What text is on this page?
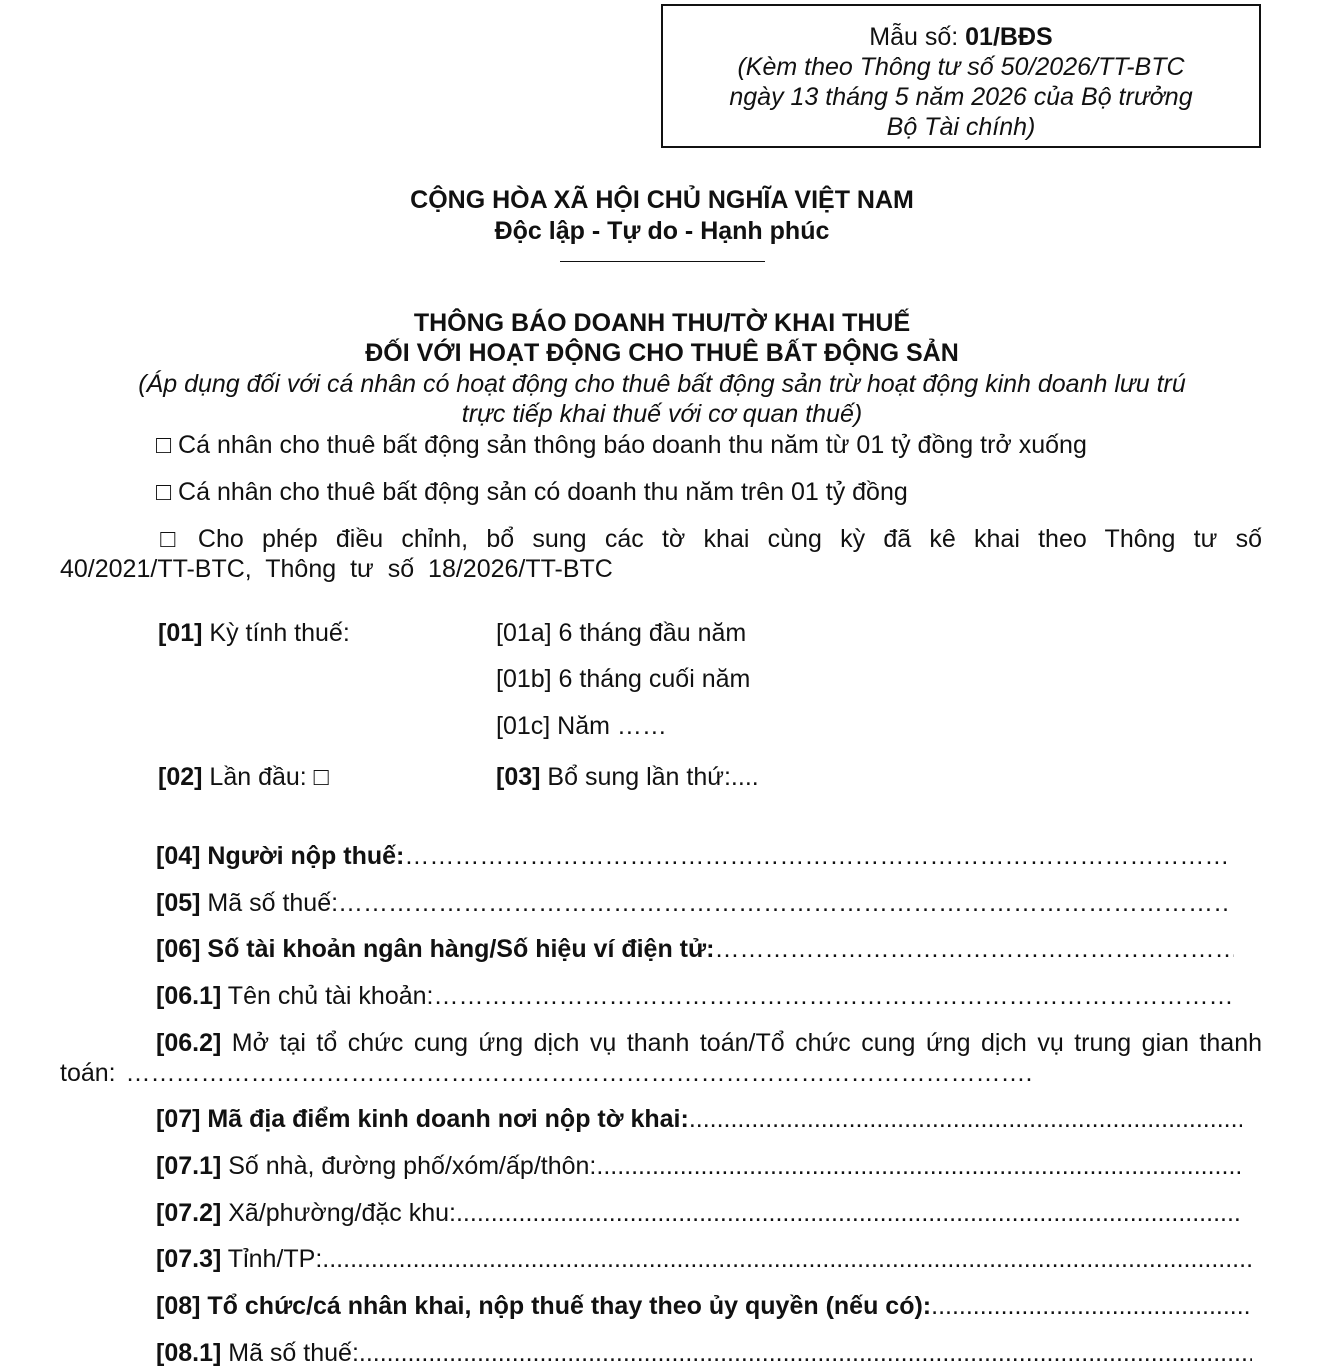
Mẫu số: 01/BĐS
(Kèm theo Thông tư số 50/2026/TT-BTC
ngày 13 tháng 5 năm 2026 của Bộ trưởng
Bộ Tài chính)
CỘNG HÒA XÃ HỘI CHỦ NGHĨA VIỆT NAM
Độc lập - Tự do - Hạnh phúc
THÔNG BÁO DOANH THU/TỜ KHAI THUẾ
ĐỐI VỚI HOẠT ĐỘNG CHO THUÊ BẤT ĐỘNG SẢN
(Áp dụng đối với cá nhân có hoạt động cho thuê bất động sản trừ hoạt động kinh doanh lưu trú
trực tiếp khai thuế với cơ quan thuế)
□ Cá nhân cho thuê bất động sản thông báo doanh thu năm từ 01 tỷ đồng trở xuống
□ Cá nhân cho thuê bất động sản có doanh thu năm trên 01 tỷ đồng
□ Cho phép điều chỉnh, bổ sung các tờ khai cùng kỳ đã kê khai theo Thông tư số 40/2021/TT-BTC, Thông tư số 18/2026/TT-BTC
[01] Kỳ tính thuế:	[01a] 6 tháng đầu năm
[01b] 6 tháng cuối năm
[01c] Năm ……
[02] Lần đầu: □	[03] Bổ sung lần thứ:....
[04] Người nộp thuế:
………………………………………………………………………………………………………………………………………………
[05] Mã số thuế:
………………………………………………………………………………………………………………………………………………
[06] Số tài khoản ngân hàng/Số hiệu ví điện tử:
………………………………………………………………………………………………………………………………………………
[06.1] Tên chủ tài khoản:
………………………………………………………………………………………………………………………………………………
[06.2] Mở tại tổ chức cung ứng dịch vụ thanh toán/Tổ chức cung ứng dịch vụ trung gian thanh toán: ……………………………………………………………………………………………….
[07] Mã địa điểm kinh doanh nơi nộp tờ khai:
.....
[07.1] Số nhà, đường phố/xóm/ấp/thôn:
.....
[07.2] Xã/phường/đặc khu:
.....
[07.3] Tỉnh/TP:
.....
[08] Tổ chức/cá nhân khai, nộp thuế thay theo ủy quyền (nếu có):
.....
[08.1] Mã số thuế:
.....
